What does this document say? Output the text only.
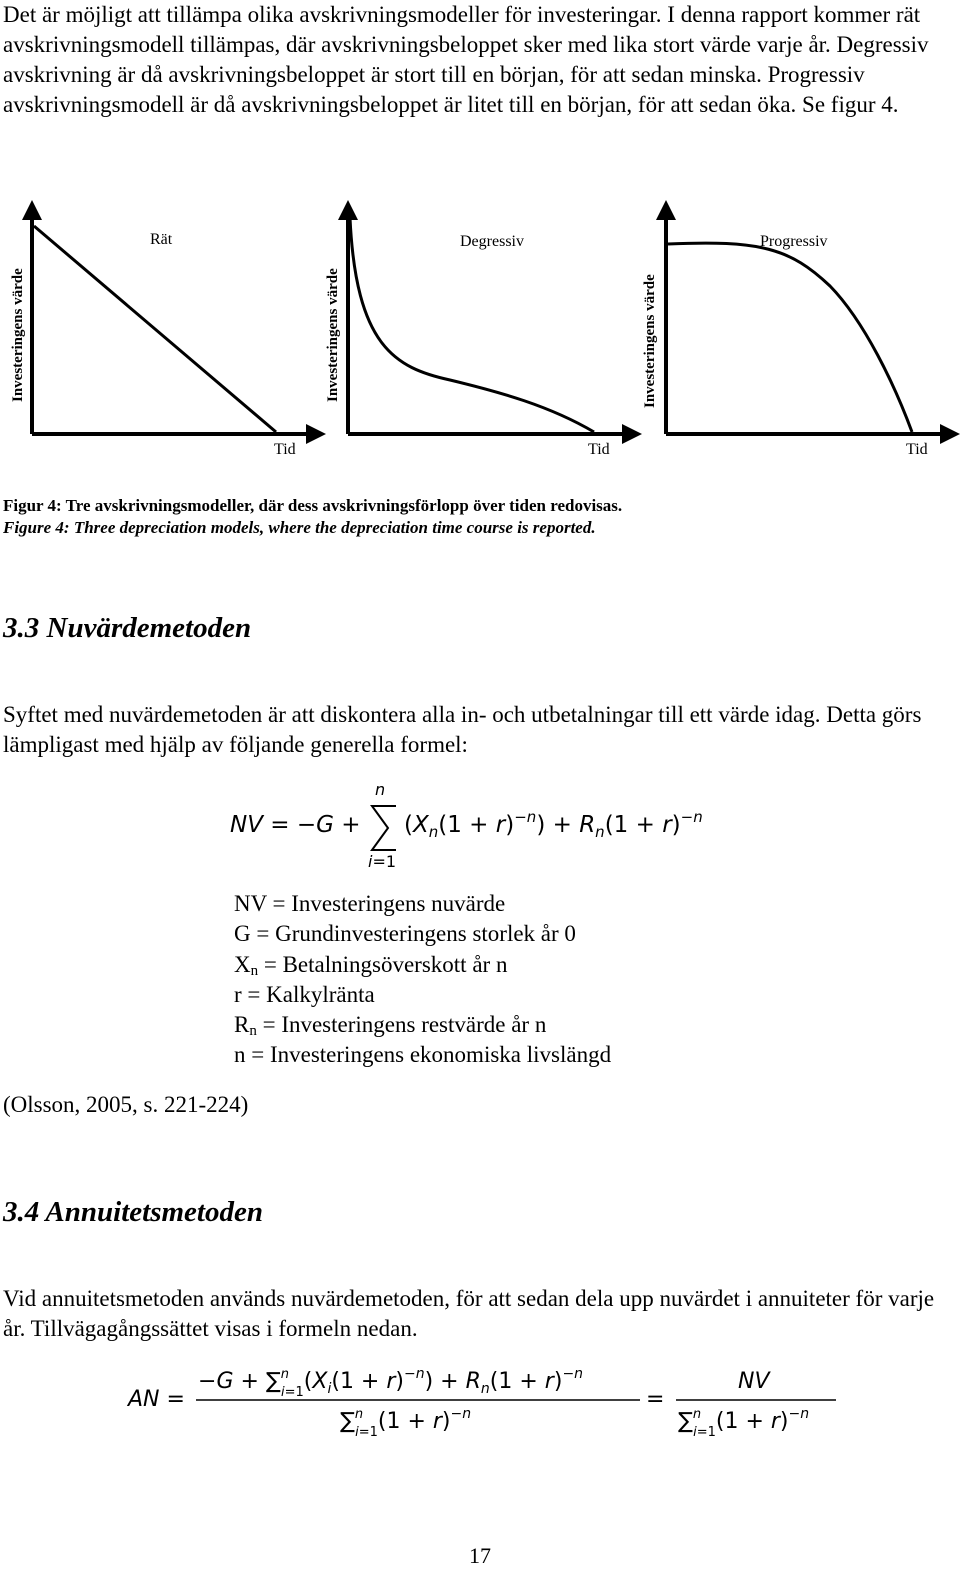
Det är möjligt att tillämpa olika avskrivningsmodeller för investeringar. I denna rapport kommer rät avskrivningsmodell tillämpas, där avskrivningsbeloppet sker med lika stort värde varje år. Degressiv avskrivning är då avskrivningsbeloppet är stort till en början, för att sedan minska. Progressiv avskrivningsmodell är då avskrivningsbeloppet är litet till en början, för att sedan öka. Se figur 4.

Rät
Investeringens värde
Tid
Degressiv
Investeringens värde
Tid
Progressiv
Investeringens värde
Tid

Figur 4: Tre avskrivningsmodeller, där dess avskrivningsförlopp över tiden redovisas.

Figure 4: Three depreciation models, where the depreciation time course is reported.

3.3 Nuvärdemetoden

Syftet med nuvärdemetoden är att diskontera alla in- och utbetalningar till ett värde idag. Detta görs lämpligast med hjälp av följande generella formel:

NV = −G +
n
i=1
$(X_n(1 + r)^{-n}) + R_n(1 + r)^{-n}$
NV = Investeringens nuvärde
G = Grundinvesteringens storlek år 0
$X_n$ = Betalningsöverskott år n
r = Kalkylränta
$R_n$ = Investeringens restvärde år n
n = Investeringens ekonomiska livslängd
(Olsson, 2005, s. 221-224)
3.4 Annuitetsmetoden

Vid annuitetsmetoden används nuvärdemetoden, för att sedan dela upp nuvärdet i annuiteter för varje år. Tillvägagångssättet visas i formeln nedan.

AN =
−G + ∑$^n$ $i=1(X_i(1 + r)^{-n}) + R_n(1 + r)^{-n}$
∑$^n$ $i=1(1 + r)^{-n}$
=
NV
∑$^n$ $i=1(1 + r)^{-n}$
17
